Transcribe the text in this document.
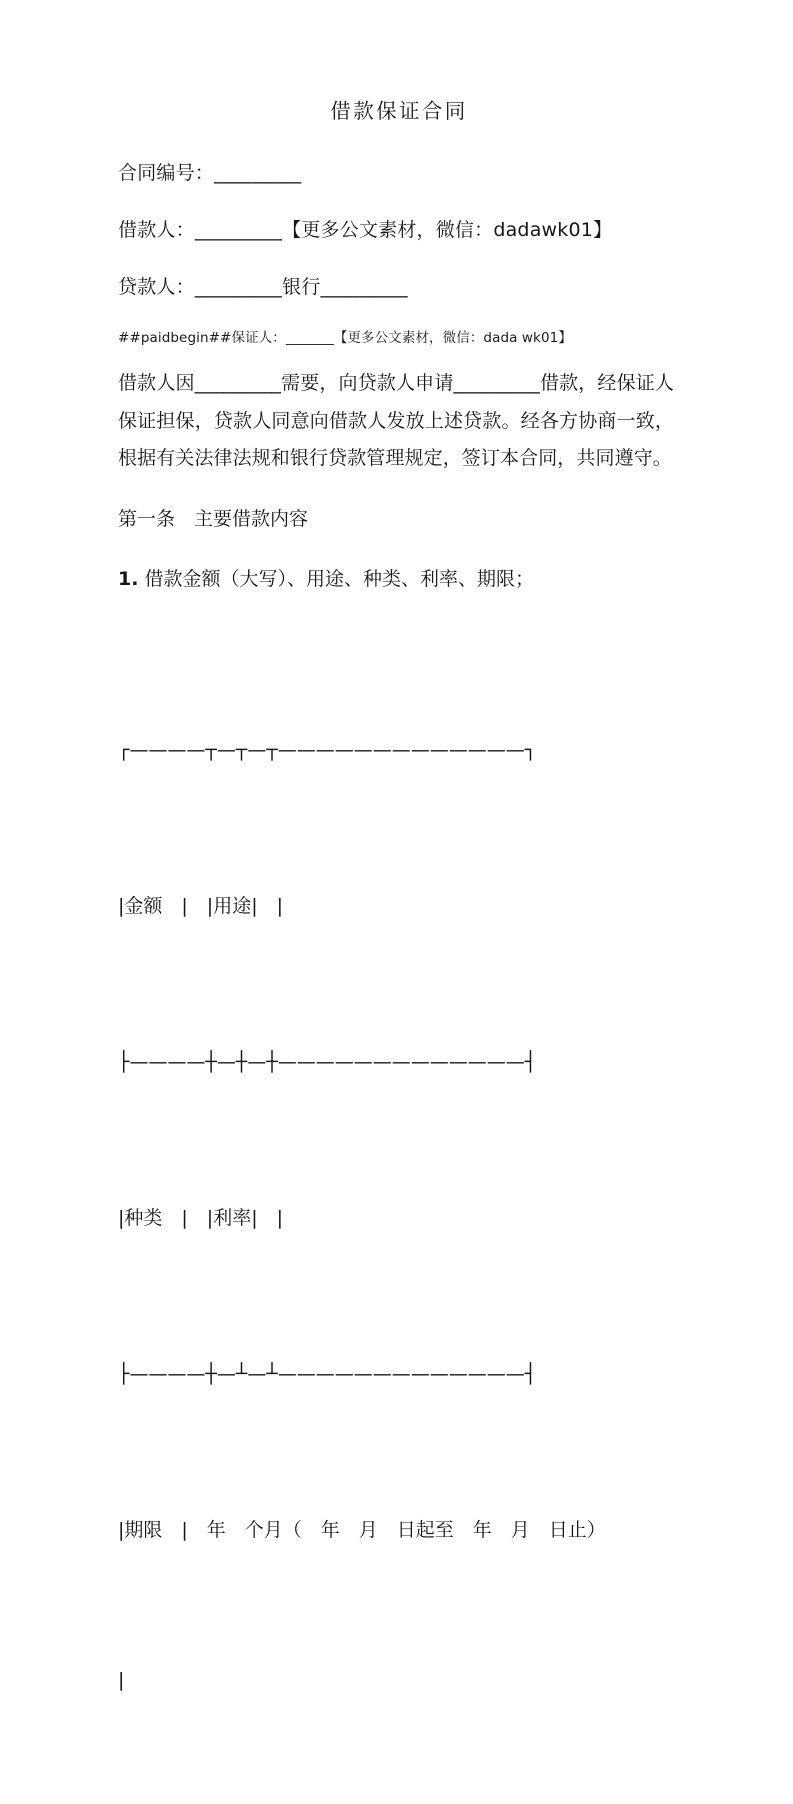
借款保证合同

合同编号：_________

借款人：_________【更多公文素材，微信：dadawk01】

贷款人：_________银行_________

##paidbegin##保证人：_______【更多公文素材，微信：dada wk01】

借款人因_________需要，向贷款人申请_________借款，经保证人保证担保，贷款人同意向借款人发放上述贷款。经各方协商一致，根据有关法律法规和银行贷款管理规定，签订本合同，共同遵守。

第一条　 主要借款内容

1. 借款金额（大写）、用途、种类、利率、期限；

┌————┬—┬—┬—————————————┐

|金额　|　|用途|　|

├————┼—┼—┼—————————————┤

|种类　|　|利率|　|

├————┼—┴—┴—————————————┤

|期限　|　年　个月（　年　月　日起至　年　月　日止）

|
